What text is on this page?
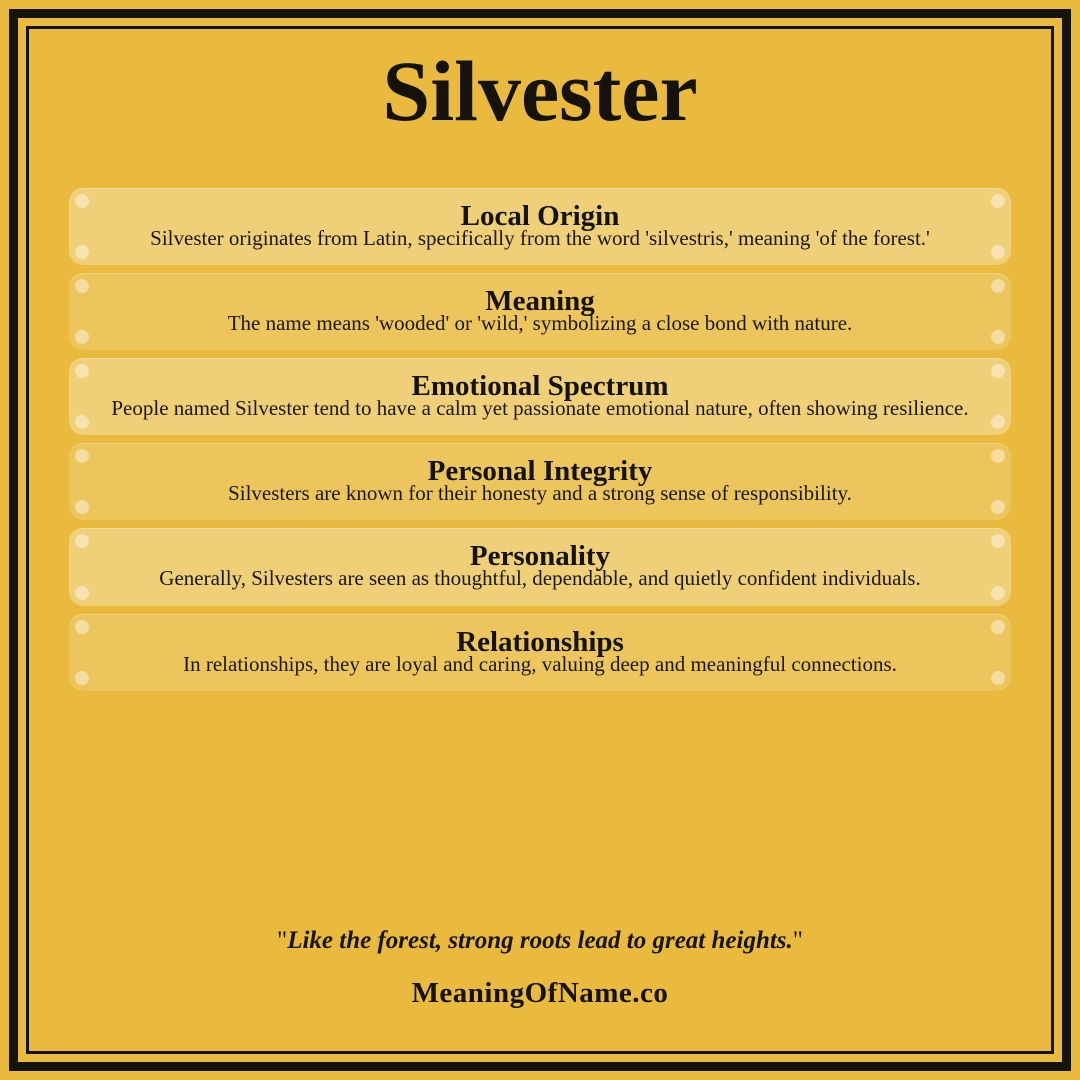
Silvester
Local Origin
Silvester originates from Latin, specifically from the word 'silvestris,' meaning 'of the forest.'
Meaning
The name means 'wooded' or 'wild,' symbolizing a close bond with nature.
Emotional Spectrum
People named Silvester tend to have a calm yet passionate emotional nature, often showing resilience.
Personal Integrity
Silvesters are known for their honesty and a strong sense of responsibility.
Personality
Generally, Silvesters are seen as thoughtful, dependable, and quietly confident individuals.
Relationships
In relationships, they are loyal and caring, valuing deep and meaningful connections.
"Like the forest, strong roots lead to great heights."
MeaningOfName.co
